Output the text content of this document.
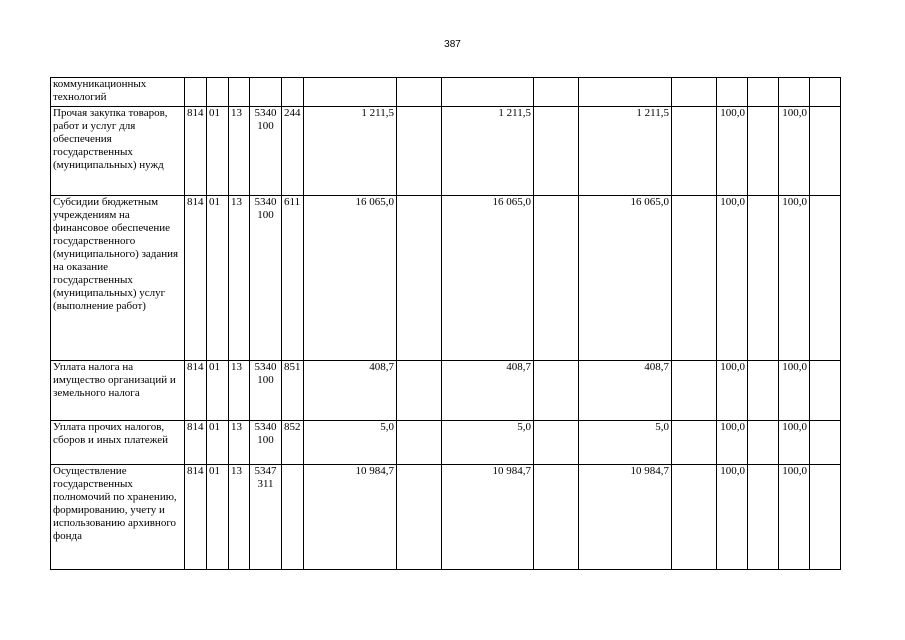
387
коммуникационных технологий															
Прочая закупка товаров, работ и услуг для обеспечения государственных (муниципальных) нужд	814	01	13	5340 100	244	1 211,5		1 211,5		1 211,5		100,0		100,0	
Субсидии бюджетным учреждениям на финансовое обеспечение государственного (муниципального) задания на оказание государственных (муниципальных) услуг (выполнение работ)	814	01	13	5340 100	611	16 065,0		16 065,0		16 065,0		100,0		100,0	
Уплата налога на имущество организаций и земельного налога	814	01	13	5340 100	851	408,7		408,7		408,7		100,0		100,0	
Уплата прочих налогов, сборов и иных платежей	814	01	13	5340 100	852	5,0		5,0		5,0		100,0		100,0	
Осуществление государственных полномочий по хранению, формированию, учету и использованию архивного фонда	814	01	13	5347 311		10 984,7		10 984,7		10 984,7		100,0		100,0	
